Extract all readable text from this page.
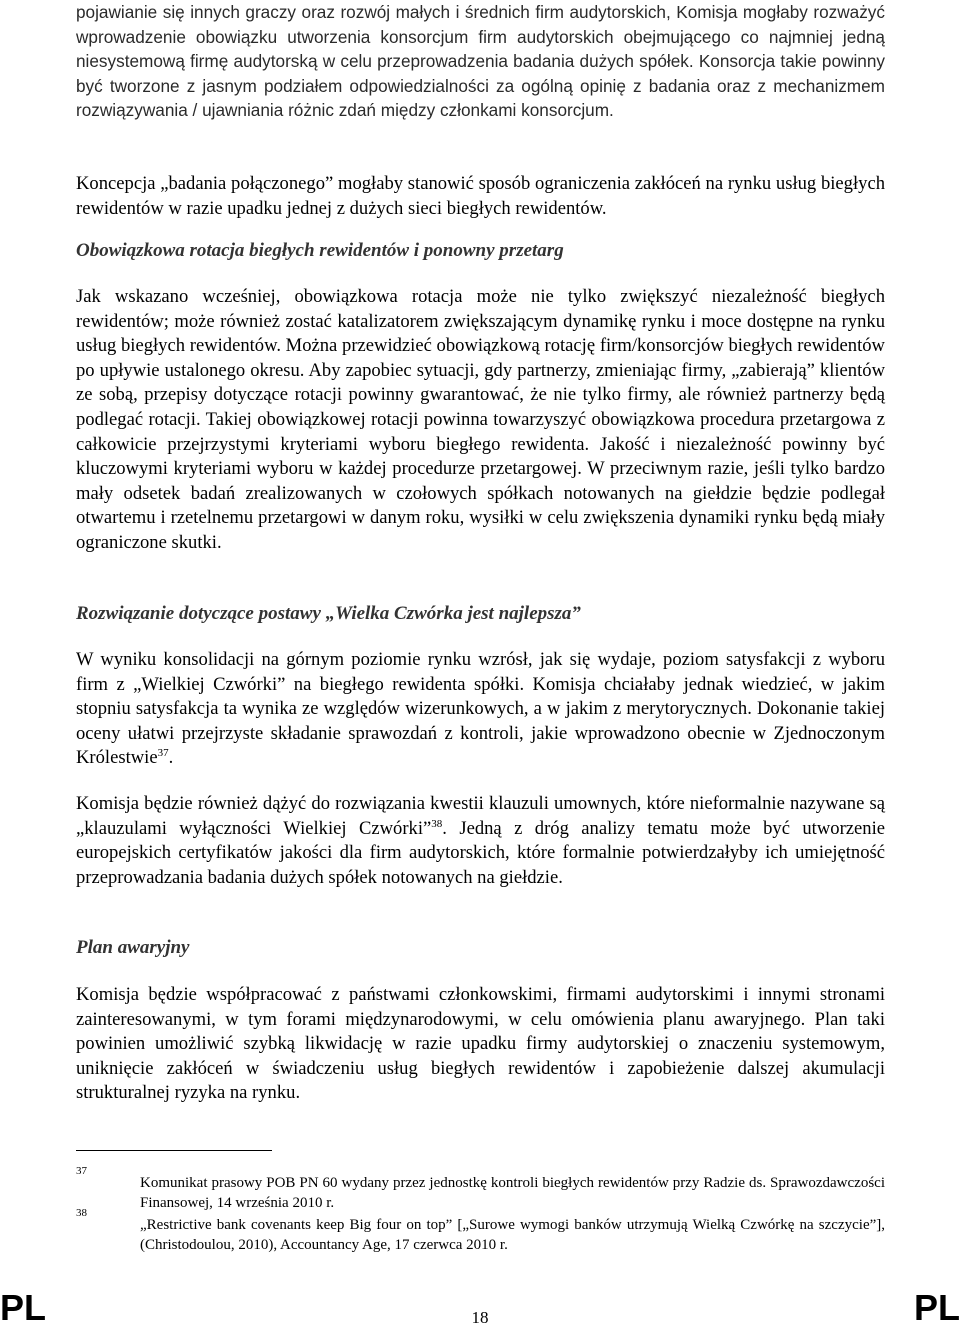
pojawianie się innych graczy oraz rozwój małych i średnich firm audytorskich, Komisja mogłaby rozważyć wprowadzenie obowiązku utworzenia konsorcjum firm audytorskich obejmującego co najmniej jedną niesystemową firmę audytorską w celu przeprowadzenia badania dużych spółek. Konsorcja takie powinny być tworzone z jasnym podziałem odpowiedzialności za ogólną opinię z badania oraz z mechanizmem rozwiązywania / ujawniania różnic zdań między członkami konsorcjum.

Koncepcja „badania połączonego” mogłaby stanowić sposób ograniczenia zakłóceń na rynku usług biegłych rewidentów w razie upadku jednej z dużych sieci biegłych rewidentów.

Obowiązkowa rotacja biegłych rewidentów i ponowny przetarg

Jak wskazano wcześniej, obowiązkowa rotacja może nie tylko zwiększyć niezależność biegłych rewidentów; może również zostać katalizatorem zwiększającym dynamikę rynku i moce dostępne na rynku usług biegłych rewidentów. Można przewidzieć obowiązkową rotację firm/konsorcjów biegłych rewidentów po upływie ustalonego okresu. Aby zapobiec sytuacji, gdy partnerzy, zmieniając firmy, „zabierają” klientów ze sobą, przepisy dotyczące rotacji powinny gwarantować, że nie tylko firmy, ale również partnerzy będą podlegać rotacji. Takiej obowiązkowej rotacji powinna towarzyszyć obowiązkowa procedura przetargowa z całkowicie przejrzystymi kryteriami wyboru biegłego rewidenta. Jakość i niezależność powinny być kluczowymi kryteriami wyboru w każdej procedurze przetargowej. W przeciwnym razie, jeśli tylko bardzo mały odsetek badań zrealizowanych w czołowych spółkach notowanych na giełdzie będzie podlegał otwartemu i rzetelnemu przetargowi w danym roku, wysiłki w celu zwiększenia dynamiki rynku będą miały ograniczone skutki.

Rozwiązanie dotyczące postawy „Wielka Czwórka jest najlepsza”

W wyniku konsolidacji na górnym poziomie rynku wzrósł, jak się wydaje, poziom satysfakcji z wyboru firm z „Wielkiej Czwórki” na biegłego rewidenta spółki. Komisja chciałaby jednak wiedzieć, w jakim stopniu satysfakcja ta wynika ze względów wizerunkowych, a w jakim z merytorycznych. Dokonanie takiej oceny ułatwi przejrzyste składanie sprawozdań z kontroli, jakie wprowadzono obecnie w Zjednoczonym Królestwie$^{37}$.

Komisja będzie również dążyć do rozwiązania kwestii klauzuli umownych, które nieformalnie nazywane są „klauzulami wyłączności Wielkiej Czwórki”$^{38}$. Jedną z dróg analizy tematu może być utworzenie europejskich certyfikatów jakości dla firm audytorskich, które formalnie potwierdzałyby ich umiejętność przeprowadzania badania dużych spółek notowanych na giełdzie.

Plan awaryjny

Komisja będzie współpracować z państwami członkowskimi, firmami audytorskimi i innymi stronami zainteresowanymi, w tym forami międzynarodowymi, w celu omówienia planu awaryjnego. Plan taki powinien umożliwić szybką likwidację w razie upadku firmy audytorskiej o znaczeniu systemowym, uniknięcie zakłóceń w świadczeniu usług biegłych rewidentów i zapobieżenie dalszej akumulacji strukturalnej ryzyka na rynku.

37
Komunikat prasowy POB PN 60 wydany przez jednostkę kontroli biegłych rewidentów przy Radzie ds. Sprawozdawczości Finansowej, 14 września 2010 r.
38
„Restrictive bank covenants keep Big four on top” [„Surowe wymogi banków utrzymują Wielką Czwórkę na szczycie”], (Christodoulou, 2010), Accountancy Age, 17 czerwca 2010 r.
18
PL	PL
